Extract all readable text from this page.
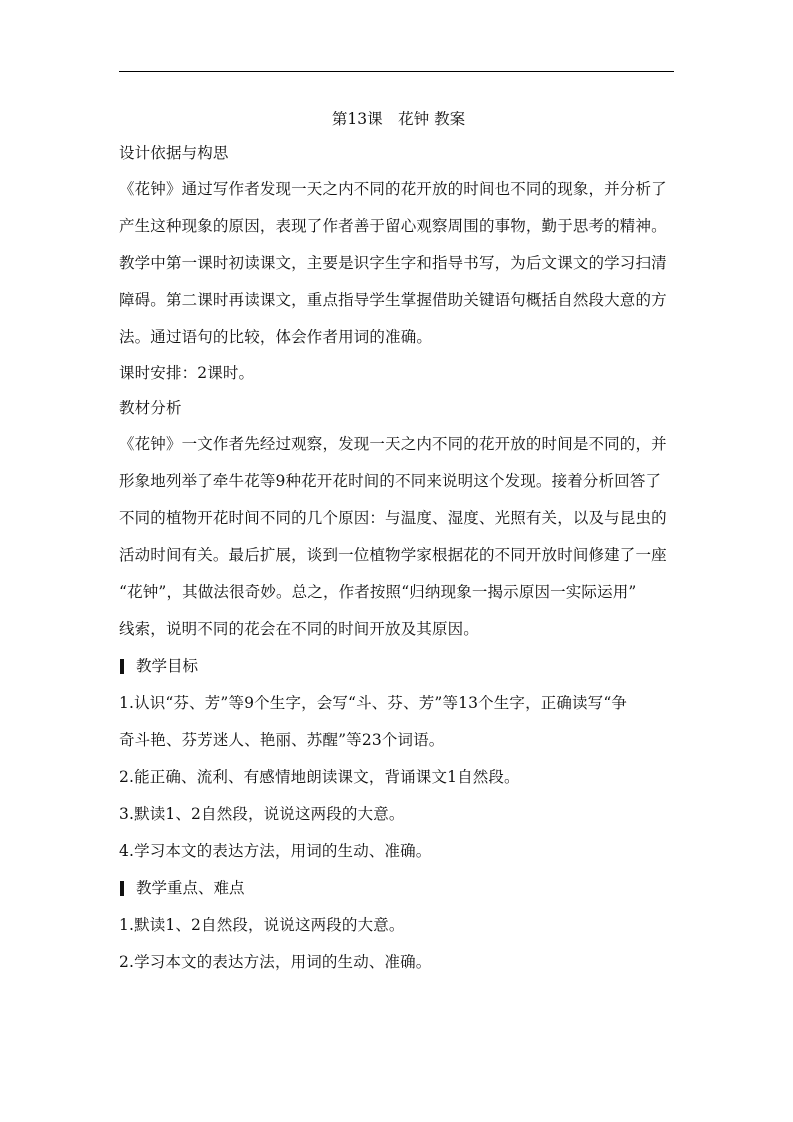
第13课　花钟 教案
设计依据与构思
《花钟》通过写作者发现一天之内不同的花开放的时间也不同的现象，并分析了
产生这种现象的原因，表现了作者善于留心观察周围的事物，勤于思考的精神。
教学中第一课时初读课文，主要是识字生字和指导书写，为后文课文的学习扫清
障碍。第二课时再读课文，重点指导学生掌握借助关键语句概括自然段大意的方
法。通过语句的比较，体会作者用词的准确。
课时安排：2课时。
教材分析
《花钟》一文作者先经过观察，发现一天之内不同的花开放的时间是不同的，并
形象地列举了牵牛花等9种花开花时间的不同来说明这个发现。接着分析回答了
不同的植物开花时间不同的几个原因：与温度、湿度、光照有关，以及与昆虫的
活动时间有关。最后扩展，谈到一位植物学家根据花的不同开放时间修建了一座
“花钟”，其做法很奇妙。总之，作者按照“归纳现象一揭示原因一实际运用”
线索，说明不同的花会在不同的时间开放及其原因。
教学目标
1.认识“芬、芳”等9个生字，会写“斗、芬、芳”等13个生字，正确读写“争
奇斗艳、芬芳迷人、艳丽、苏醒”等23个词语。
2.能正确、流利、有感情地朗读课文，背诵课文1自然段。
3.默读1、2自然段，说说这两段的大意。
4.学习本文的表达方法，用词的生动、准确。
教学重点、难点
1.默读1、2自然段，说说这两段的大意。
2.学习本文的表达方法，用词的生动、准确。
